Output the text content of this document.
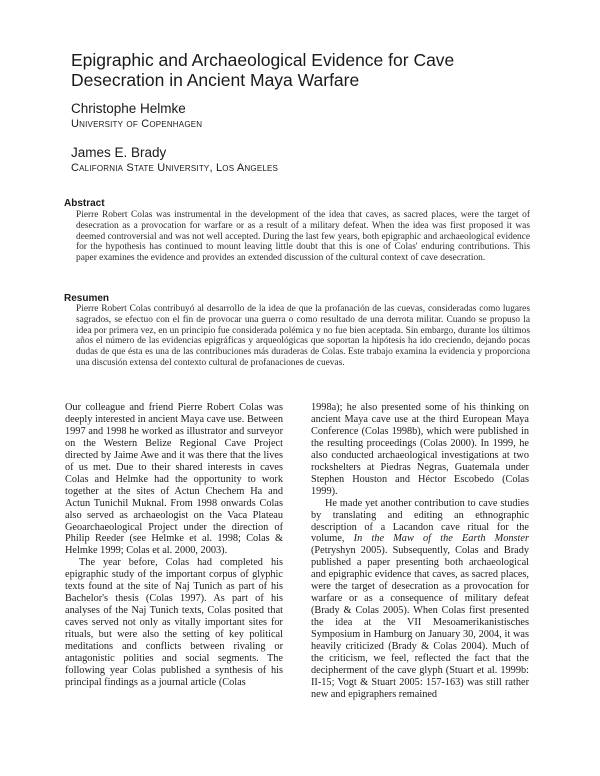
Epigraphic and Archaeological Evidence for Cave Desecration in Ancient Maya Warfare
Christophe Helmke
University of Copenhagen
James E. Brady
California State University, Los Angeles
Abstract
Pierre Robert Colas was instrumental in the development of the idea that caves, as sacred places, were the target of desecration as a provocation for warfare or as a result of a military defeat. When the idea was first proposed it was deemed controversial and was not well accepted. During the last few years, both epigraphic and archaeological evidence for the hypothesis has continued to mount leaving little doubt that this is one of Colas' enduring contributions. This paper examines the evidence and provides an extended discussion of the cultural context of cave desecration.
Resumen
Pierre Robert Colas contribuyó al desarrollo de la idea de que la profanación de las cuevas, consideradas como lugares sagrados, se efectuo con el fin de provocar una guerra o como resultado de una derrota militar. Cuando se propuso la idea por primera vez, en un principio fue considerada polémica y no fue bien aceptada. Sin embargo, durante los últimos años el número de las evidencias epigráficas y arqueológicas que soportan la hipótesis ha ido creciendo, dejando pocas dudas de que ésta es una de las contribuciones más duraderas de Colas. Este trabajo examina la evidencia y proporciona una discusión extensa del contexto cultural de profanaciones de cuevas.

Our colleague and friend Pierre Robert Colas was deeply interested in ancient Maya cave use. Between 1997 and 1998 he worked as illustrator and surveyor on the Western Belize Regional Cave Project directed by Jaime Awe and it was there that the lives of us met. Due to their shared interests in caves Colas and Helmke had the opportunity to work together at the sites of Actun Chechem Ha and Actun Tunichil Muknal. From 1998 onwards Colas also served as archaeologist on the Vaca Plateau Geoarchaeological Project under the direction of Philip Reeder (see Helmke et al. 1998; Colas & Helmke 1999; Colas et al. 2000, 2003).

The year before, Colas had completed his epigraphic study of the important corpus of glyphic texts found at the site of Naj Tunich as part of his Bachelor's thesis (Colas 1997). As part of his analyses of the Naj Tunich texts, Colas posited that caves served not only as vitally important sites for rituals, but were also the setting of key political meditations and conflicts between rivaling or antagonistic polities and social segments. The following year Colas published a synthesis of his principal findings as a journal article (Colas

1998a); he also presented some of his thinking on ancient Maya cave use at the third European Maya Conference (Colas 1998b), which were published in the resulting proceedings (Colas 2000). In 1999, he also conducted archaeological investigations at two rockshelters at Piedras Negras, Guatemala under Stephen Houston and Héctor Escobedo (Colas 1999).

He made yet another contribution to cave studies by translating and editing an ethnographic description of a Lacandon cave ritual for the volume, In the Maw of the Earth Monster (Petryshyn 2005). Subsequently, Colas and Brady published a paper presenting both archaeological and epigraphic evidence that caves, as sacred places, were the target of desecration as a provocation for warfare or as a consequence of military defeat (Brady & Colas 2005). When Colas first presented the idea at the VII Mesoamerikanistisches Symposium in Hamburg on January 30, 2004, it was heavily criticized (Brady & Colas 2004). Much of the criticism, we feel, reflected the fact that the decipherment of the cave glyph (Stuart et al. 1999b: II-15; Vogt & Stuart 2005: 157-163) was still rather new and epigraphers remained
